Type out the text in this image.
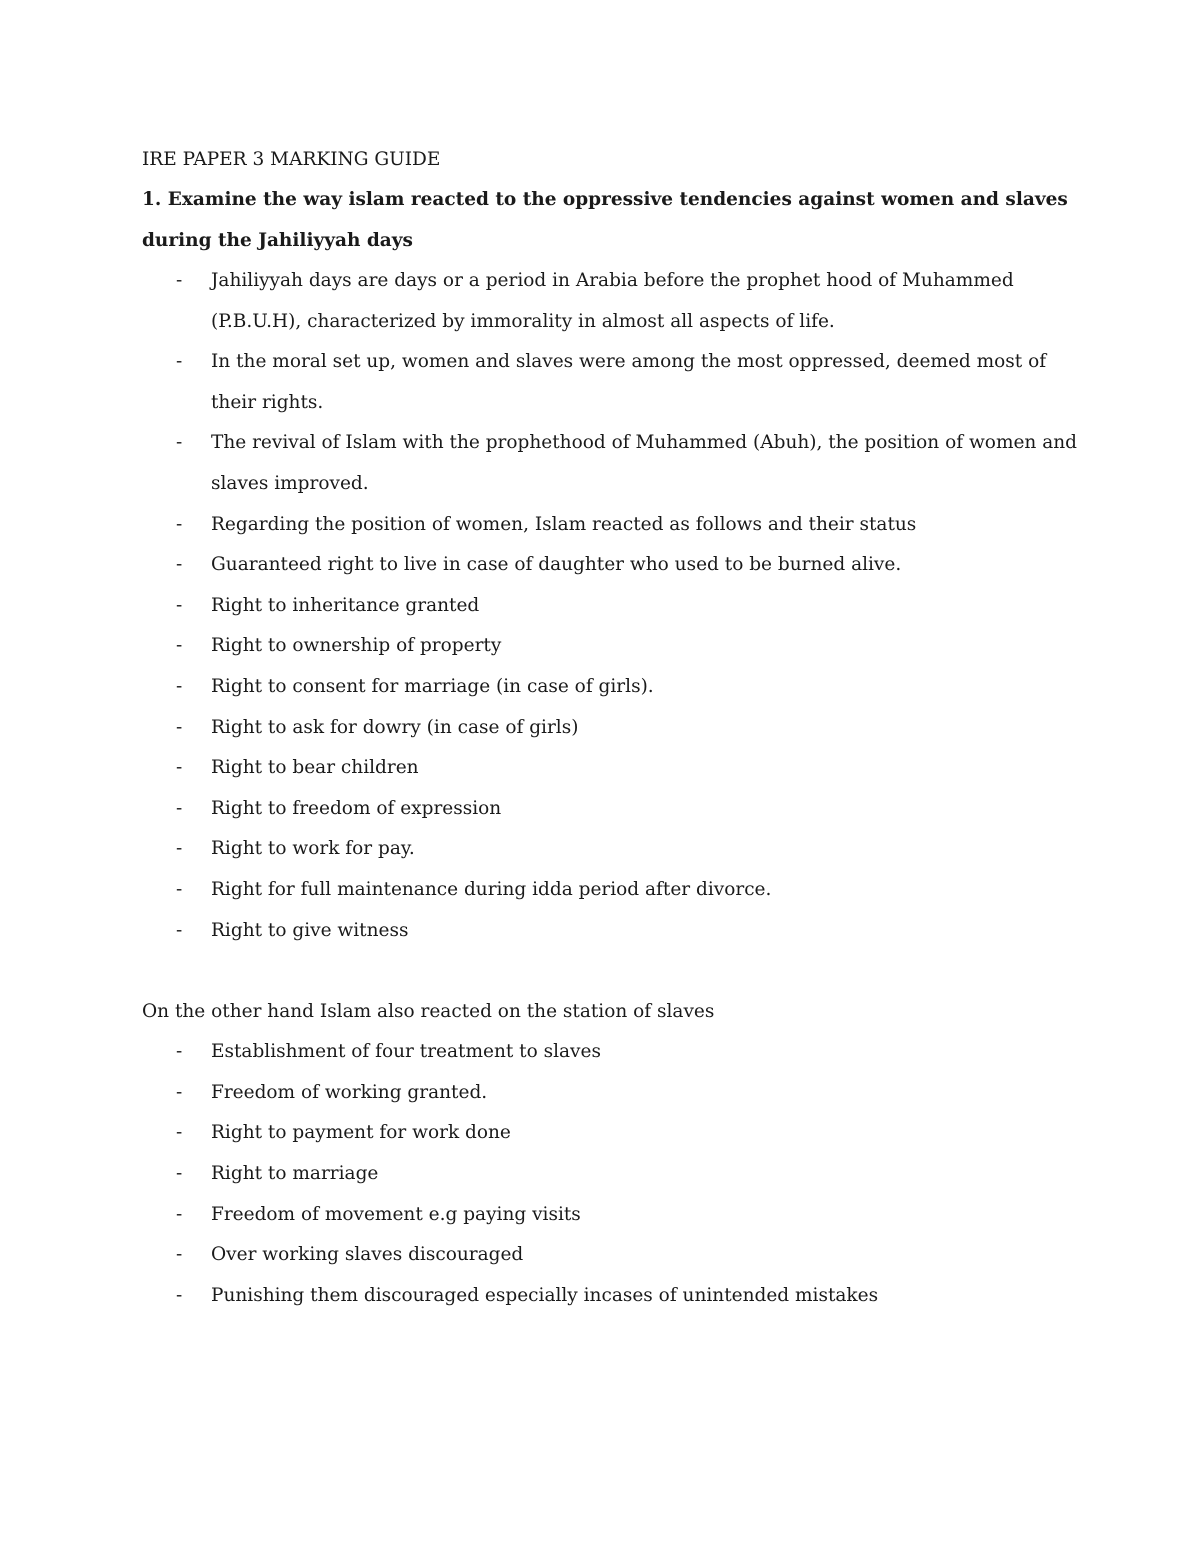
IRE PAPER 3 MARKING GUIDE

1. Examine the way islam reacted to the oppressive tendencies against women and slaves during the Jahiliyyah days

- Jahiliyyah days are days or a period in Arabia before the prophet hood of Muhammed (P.B.U.H), characterized by immorality in almost all aspects of life.
- In the moral set up, women and slaves were among the most oppressed, deemed most of their rights.
- The revival of Islam with the prophethood of Muhammed (Abuh), the position of women and slaves improved.
- Regarding the position of women, Islam reacted as follows and their status
- Guaranteed right to live in case of daughter who used to be burned alive.
- Right to inheritance granted
- Right to ownership of property
- Right to consent for marriage (in case of girls).
- Right to ask for dowry (in case of girls)
- Right to bear children
- Right to freedom of expression
- Right to work for pay.
- Right for full maintenance during idda period after divorce.
- Right to give witness

On the other hand Islam also reacted on the station of slaves

- Establishment of four treatment to slaves
- Freedom of working granted.
- Right to payment for work done
- Right to marriage
- Freedom of movement e.g paying visits
- Over working slaves discouraged
- Punishing them discouraged especially incases of unintended mistakes
